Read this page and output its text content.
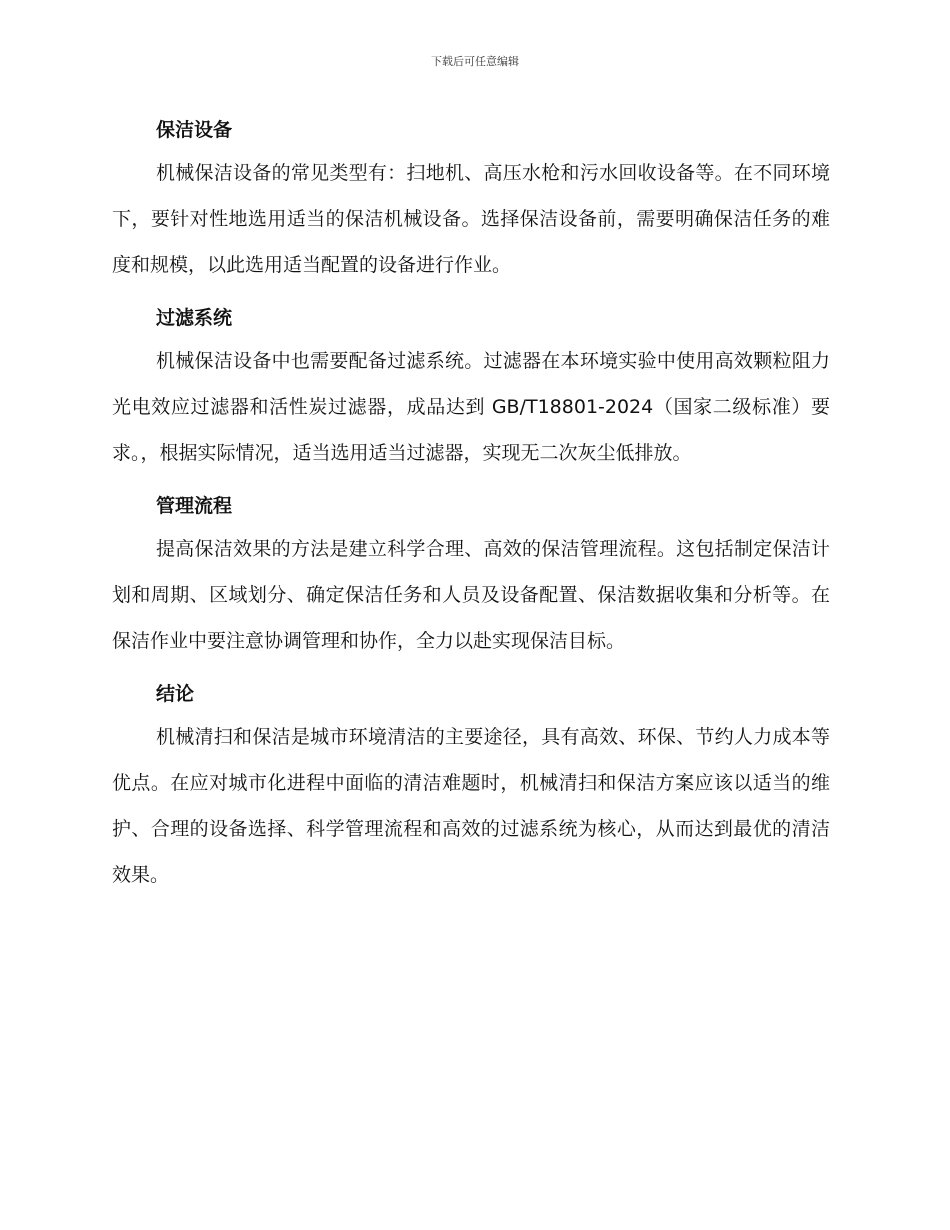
下载后可任意编辑
保洁设备

机械保洁设备的常见类型有：扫地机、高压水枪和污水回收设备等。在不同环境下，要针对性地选用适当的保洁机械设备。选择保洁设备前，需要明确保洁任务的难度和规模，以此选用适当配置的设备进行作业。

过滤系统

机械保洁设备中也需要配备过滤系统。过滤器在本环境实验中使用高效颗粒阻力光电效应过滤器和活性炭过滤器，成品达到 GB/T18801-2024（国家二级标准）要求。，根据实际情况，适当选用适当过滤器，实现无二次灰尘低排放。

管理流程

提高保洁效果的方法是建立科学合理、高效的保洁管理流程。这包括制定保洁计划和周期、区域划分、确定保洁任务和人员及设备配置、保洁数据收集和分析等。在保洁作业中要注意协调管理和协作，全力以赴实现保洁目标。

结论

机械清扫和保洁是城市环境清洁的主要途径，具有高效、环保、节约人力成本等优点。在应对城市化进程中面临的清洁难题时，机械清扫和保洁方案应该以适当的维护、合理的设备选择、科学管理流程和高效的过滤系统为核心，从而达到最优的清洁效果。
